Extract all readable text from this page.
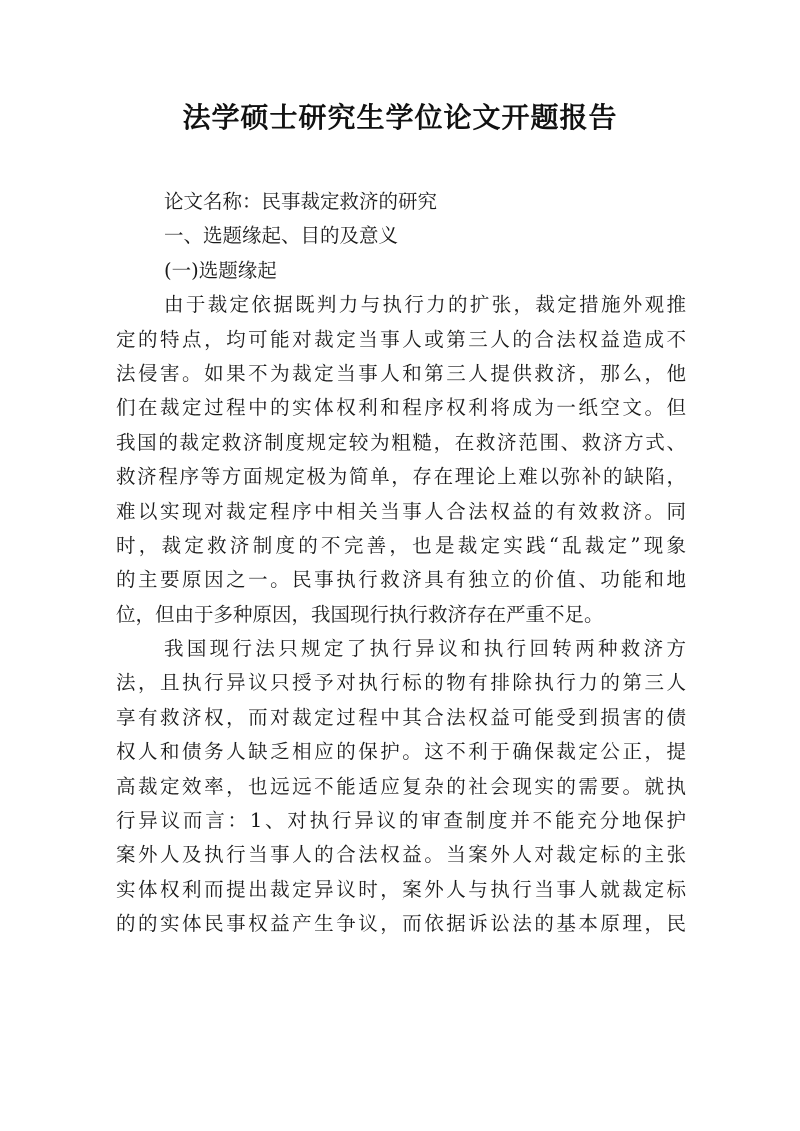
法学硕士研究生学位论文开题报告
论文名称：民事裁定救济的研究
一、选题缘起、目的及意义
(一)选题缘起
由于裁定依据既判力与执行力的扩张，裁定措施外观推
定的特点，均可能对裁定当事人或第三人的合法权益造成不
法侵害。如果不为裁定当事人和第三人提供救济，那么，他
们在裁定过程中的实体权利和程序权利将成为一纸空文。但
我国的裁定救济制度规定较为粗糙，在救济范围、救济方式、
救济程序等方面规定极为简单，存在理论上难以弥补的缺陷，
难以实现对裁定程序中相关当事人合法权益的有效救济。同
时，裁定救济制度的不完善，也是裁定实践“乱裁定”现象
的主要原因之一。民事执行救济具有独立的价值、功能和地
位，但由于多种原因，我国现行执行救济存在严重不足。
我国现行法只规定了执行异议和执行回转两种救济方
法，且执行异议只授予对执行标的物有排除执行力的第三人
享有救济权，而对裁定过程中其合法权益可能受到损害的债
权人和债务人缺乏相应的保护。这不利于确保裁定公正，提
高裁定效率，也远远不能适应复杂的社会现实的需要。就执
行异议而言：1、对执行异议的审查制度并不能充分地保护
案外人及执行当事人的合法权益。当案外人对裁定标的主张
实体权利而提出裁定异议时，案外人与执行当事人就裁定标
的的实体民事权益产生争议，而依据诉讼法的基本原理，民
